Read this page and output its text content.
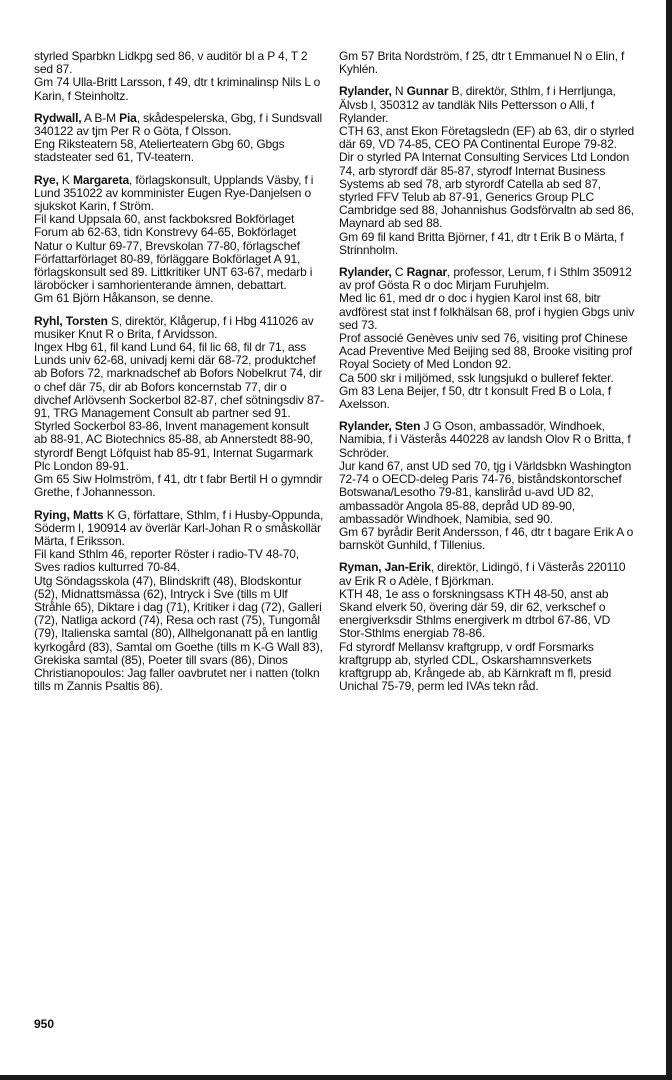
styrled Sparbkn Lidkpg sed 86, v auditör bl a P 4, T 2 sed 87.
Gm 74 Ulla-Britt Larsson, f 49, dtr t kriminalinsp Nils L o Karin, f Steinholtz.
Rydwall, A B-M Pia, skådespelerska, Gbg, f i Sundsvall 340122 av tjm Per R o Göta, f Olsson.
Eng Riksteatern 58, Atelierteatern Gbg 60, Gbgs stadsteater sed 61, TV-teatern.
Rye, K Margareta, förlagskonsult, Upplands Väsby, f i Lund 351022 av komminister Eugen Rye-Danjelsen o sjukskot Karin, f Ström.
Fil kand Uppsala 60, anst fackboksred Bokförlaget Forum ab 62-63, tidn Konstrevy 64-65, Bokförlaget Natur o Kultur 69-77, Brevskolan 77-80, förlagschef Författarförlaget 80-89, förläggare Bokförlaget A 91, förlagskonsult sed 89. Littkritiker UNT 63-67, medarb i läroböcker i samhorienterande ämnen, debattart.
Gm 61 Björn Håkanson, se denne.
Ryhl, Torsten S, direktör, Klågerup, f i Hbg 411026 av musiker Knut R o Brita, f Arvidsson.
Ingex Hbg 61, fil kand Lund 64, fil lic 68, fil dr 71, ass Lunds univ 62-68, univadj kemi där 68-72, produktchef ab Bofors 72, marknadschef ab Bofors Nobelkrut 74, dir o chef där 75, dir ab Bofors koncernstab 77, dir o divchef Arlövsenh Sockerbol 82-87, chef sötningsdiv 87-91, TRG Management Consult ab partner sed 91.
Styrled Sockerbol 83-86, Invent management konsult ab 88-91, AC Biotechnics 85-88, ab Annerstedt 88-90, styrordf Bengt Löfquist hab 85-91, Internat Sugarmark Plc London 89-91.
Gm 65 Siw Holmström, f 41, dtr t fabr Bertil H o gymndir Grethe, f Johannesson.
Rying, Matts K G, författare, Sthlm, f i Husby-Oppunda, Söderm l, 190914 av överlär Karl-Johan R o småskollär Märta, f Eriksson.
Fil kand Sthlm 46, reporter Röster i radio-TV 48-70, Sves radios kulturred 70-84.
Utg Söndagsskola (47), Blindskrift (48), Blodskontur (52), Midnattsmässa (62), Intryck i Sve (tills m Ulf Stråhle 65), Diktare i dag (71), Kritiker i dag (72), Galleri (72), Natliga ackord (74), Resa och rast (75), Tungomål (79), Italienska samtal (80), Allhelgonanatt på en lantlig kyrkogård (83), Samtal om Goethe (tills m K-G Wall 83), Grekiska samtal (85), Poeter till svars (86), Dinos Christianopoulos: Jag faller oavbrutet ner i natten (tolkn tills m Zannis Psaltis 86).
Gm 57 Brita Nordström, f 25, dtr t Emmanuel N o Elin, f Kyhlén.
Rylander, N Gunnar B, direktör, Sthlm, f i Herrljunga, Älvsb l, 350312 av tandläk Nils Pettersson o Alli, f Rylander.
CTH 63, anst Ekon Företagsledn (EF) ab 63, dir o styrled där 69, VD 74-85, CEO PA Continental Europe 79-82.
Dir o styrled PA Internat Consulting Services Ltd London 74, arb styrordf där 85-87, styrodf Internat Business Systems ab sed 78, arb styrordf Catella ab sed 87, styrled FFV Telub ab 87-91, Generics Group PLC Cambridge sed 88, Johannishus Godsförvaltn ab sed 86, Maynard ab sed 88.
Gm 69 fil kand Britta Björner, f 41, dtr t Erik B o Märta, f Strinnholm.
Rylander, C Ragnar, professor, Lerum, f i Sthlm 350912 av prof Gösta R o doc Mirjam Furuhjelm.
Med lic 61, med dr o doc i hygien Karol inst 68, bitr avdförest stat inst f folkhälsan 68, prof i hygien Gbgs univ sed 73.
Prof associé Genèves univ sed 76, visiting prof Chinese Acad Preventive Med Beijing sed 88, Brooke visiting prof Royal Society of Med London 92.
Ca 500 skr i miljömed, ssk lungsjukd o bulleref fekter.
Gm 83 Lena Beijer, f 50, dtr t konsult Fred B o Lola, f Axelsson.
Rylander, Sten J G Oson, ambassadör, Windhoek, Namibia, f i Västerås 440228 av landsh Olov R o Britta, f Schröder.
Jur kand 67, anst UD sed 70, tjg i Världsbkn Washington 72-74 o OECD-deleg Paris 74-76, biståndskontorschef Botswana/Lesotho 79-81, kanslіråd u-avd UD 82, ambassadör Angola 85-88, depråd UD 89-90, ambassadör Windhoek, Namibia, sed 90.
Gm 67 byrådir Berit Andersson, f 46, dtr t bagare Erik A o barnsköt Gunhild, f Tillenius.
Ryman, Jan-Erik, direktör, Lidingö, f i Västerås 220110 av Erik R o Adèle, f Björkman.
KTH 48, 1e ass o forskningsass KTH 48-50, anst ab Skand elverk 50, övering där 59, dir 62, verkschef o energiverksdir Sthlms energiverk m dtrbol 67-86, VD Stor-Sthlms energiab 78-86.
Fd styrordf Mellansv kraftgrupp, v ordf Forsmarks kraftgrupp ab, styrled CDL, Oskarshamnsverkets kraftgrupp ab, Krångede ab, ab Kärnkraft m fl, presid Unichal 75-79, perm led IVAs tekn råd.
950
